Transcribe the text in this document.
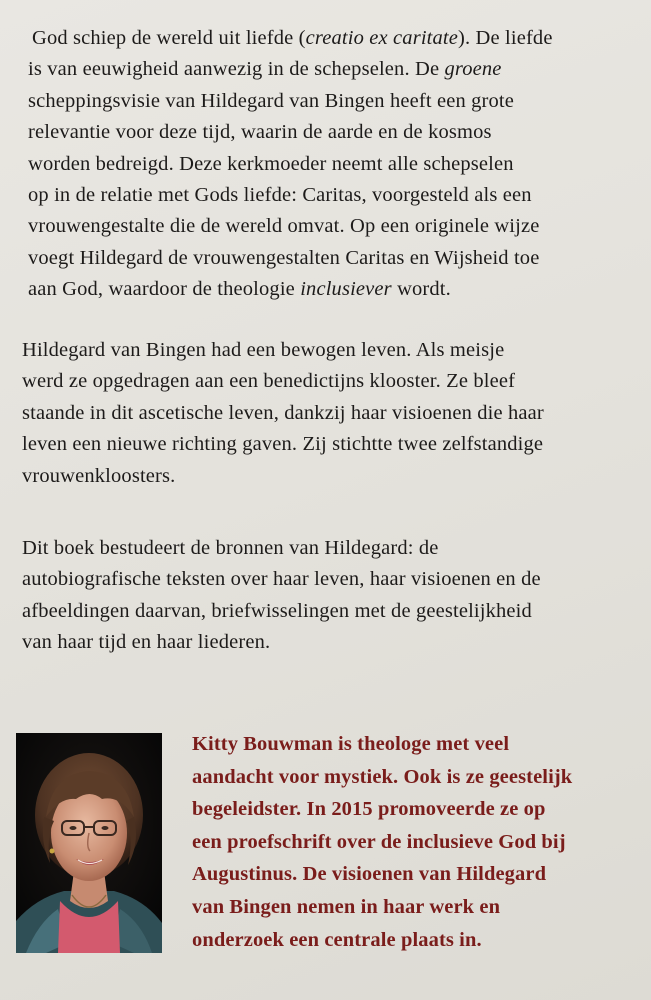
God schiep de wereld uit liefde (creatio ex caritate). De liefde
is van eeuwigheid aanwezig in de schepselen. De groene
scheppingsvisie van Hildegard van Bingen heeft een grote
relevantie voor deze tijd, waarin de aarde en de kosmos
worden bedreigd. Deze kerkmoeder neemt alle schepselen
op in de relatie met Gods liefde: Caritas, voorgesteld als een
vrouwengestalte die de wereld omvat. Op een originele wijze
voegt Hildegard de vrouwengestalten Caritas en Wijsheid toe
aan God, waardoor de theologie inclusiever wordt.
Hildegard van Bingen had een bewogen leven. Als meisje
werd ze opgedragen aan een benedictijns klooster. Ze bleef
staande in dit ascetische leven, dankzij haar visioenen die haar
leven een nieuwe richting gaven. Zij stichtte twee zelfstandige
vrouwenkloosters.
Dit boek bestudeert de bronnen van Hildegard: de
autobiografische teksten over haar leven, haar visioenen en de
afbeeldingen daarvan, briefwisselingen met de geestelijkheid
van haar tijd en haar liederen.
Kitty Bouwman is theologe met veel
aandacht voor mystiek. Ook is ze geestelijk
begeleidster. In 2015 promoveerde ze op
een proefschrift over de inclusieve God bij
Augustinus. De visioenen van Hildegard
van Bingen nemen in haar werk en
onderzoek een centrale plaats in.
